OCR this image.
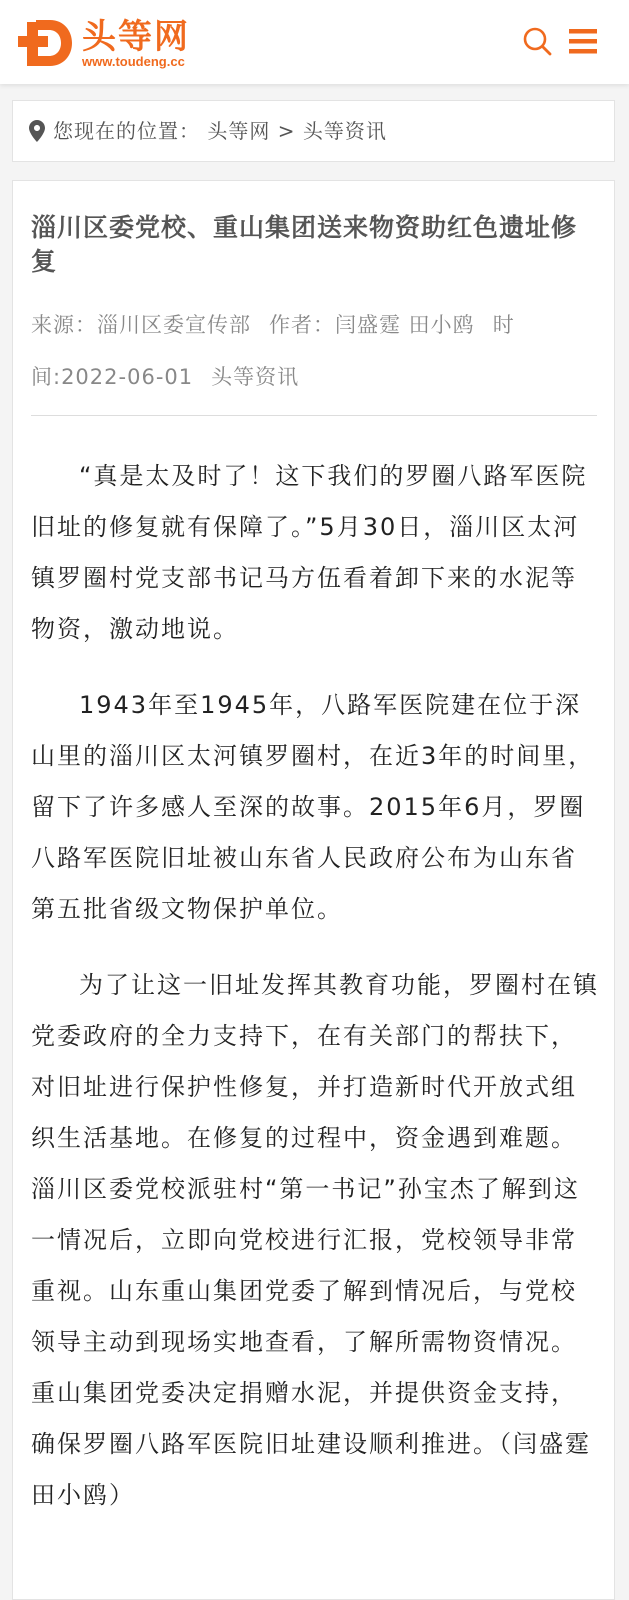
头等网
www.toudeng.cc
您现在的位置： 头等网 > 头等资讯
淄川区委党校、重山集团送来物资助红色遗址修复
来源：淄川区委宣传部 作者：闫盛霆 田小鸥 时间:2022-06-01 头等资讯

“真是太及时了！这下我们的罗圈八路军医院旧址的修复就有保障了。”5月30日，淄川区太河镇罗圈村党支部书记马方伍看着卸下来的水泥等物资，激动地说。

1943年至1945年，八路军医院建在位于深山里的淄川区太河镇罗圈村，在近3年的时间里，留下了许多感人至深的故事。2015年6月，罗圈八路军医院旧址被山东省人民政府公布为山东省第五批省级文物保护单位。

为了让这一旧址发挥其教育功能，罗圈村在镇党委政府的全力支持下，在有关部门的帮扶下，对旧址进行保护性修复，并打造新时代开放式组织生活基地。在修复的过程中，资金遇到难题。淄川区委党校派驻村“第一书记”孙宝杰了解到这一情况后，立即向党校进行汇报，党校领导非常重视。山东重山集团党委了解到情况后，与党校领导主动到现场实地查看，了解所需物资情况。重山集团党委决定捐赠水泥，并提供资金支持，确保罗圈八路军医院旧址建设顺利推进。（闫盛霆 田小鸥）
